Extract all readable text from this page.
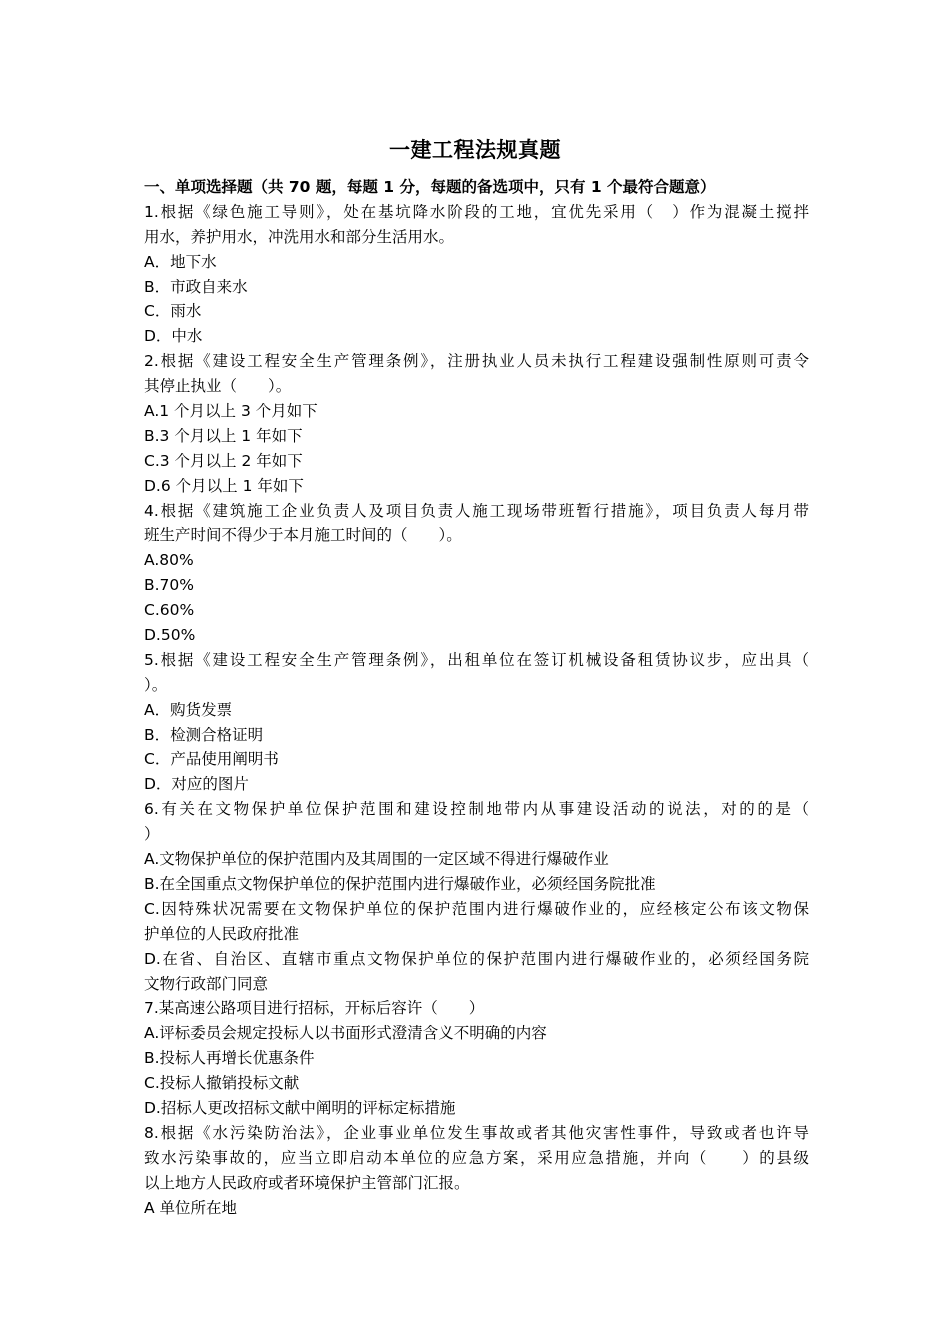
一建工程法规真题
一、单项选择题（共 70 题，每题 1 分，每题的备选项中，只有 1 个最符合题意）
1.根据《绿色施工导则》，处在基坑降水阶段的工地，宜优先采用（　）作为混凝土搅拌
用水，养护用水，冲洗用水和部分生活用水。
A．地下水
B．市政自来水
C．雨水
D．中水
2.根据《建设工程安全生产管理条例》，注册执业人员未执行工程建设强制性原则可责令
其停止执业（　　）。
A.1 个月以上 3 个月如下
B.3 个月以上 1 年如下
C.3 个月以上 2 年如下
D.6 个月以上 1 年如下
4.根据《建筑施工企业负责人及项目负责人施工现场带班暂行措施》，项目负责人每月带
班生产时间不得少于本月施工时间的（　　）。
A.80%
B.70%
C.60%
D.50%
5.根据《建设工程安全生产管理条例》，出租单位在签订机械设备租赁协议步，应出具（
）。
A．购货发票
B．检测合格证明
C．产品使用阐明书
D．对应的图片
6.有关在文物保护单位保护范围和建设控制地带内从事建设活动的说法，对的的是（
）
A.文物保护单位的保护范围内及其周围的一定区域不得进行爆破作业
B.在全国重点文物保护单位的保护范围内进行爆破作业，必须经国务院批准
C.因特殊状况需要在文物保护单位的保护范围内进行爆破作业的，应经核定公布该文物保
护单位的人民政府批准
D.在省、自治区、直辖市重点文物保护单位的保护范围内进行爆破作业的，必须经国务院
文物行政部门同意
7.某高速公路项目进行招标，开标后容许（　　）
A.评标委员会规定投标人以书面形式澄清含义不明确的内容
B.投标人再增长优惠条件
C.投标人撤销投标文献
D.招标人更改招标文献中阐明的评标定标措施
8.根据《水污染防治法》，企业事业单位发生事故或者其他灾害性事件，导致或者也许导
致水污染事故的，应当立即启动本单位的应急方案，采用应急措施，并向（　　）的县级
以上地方人民政府或者环境保护主管部门汇报。
A 单位所在地
